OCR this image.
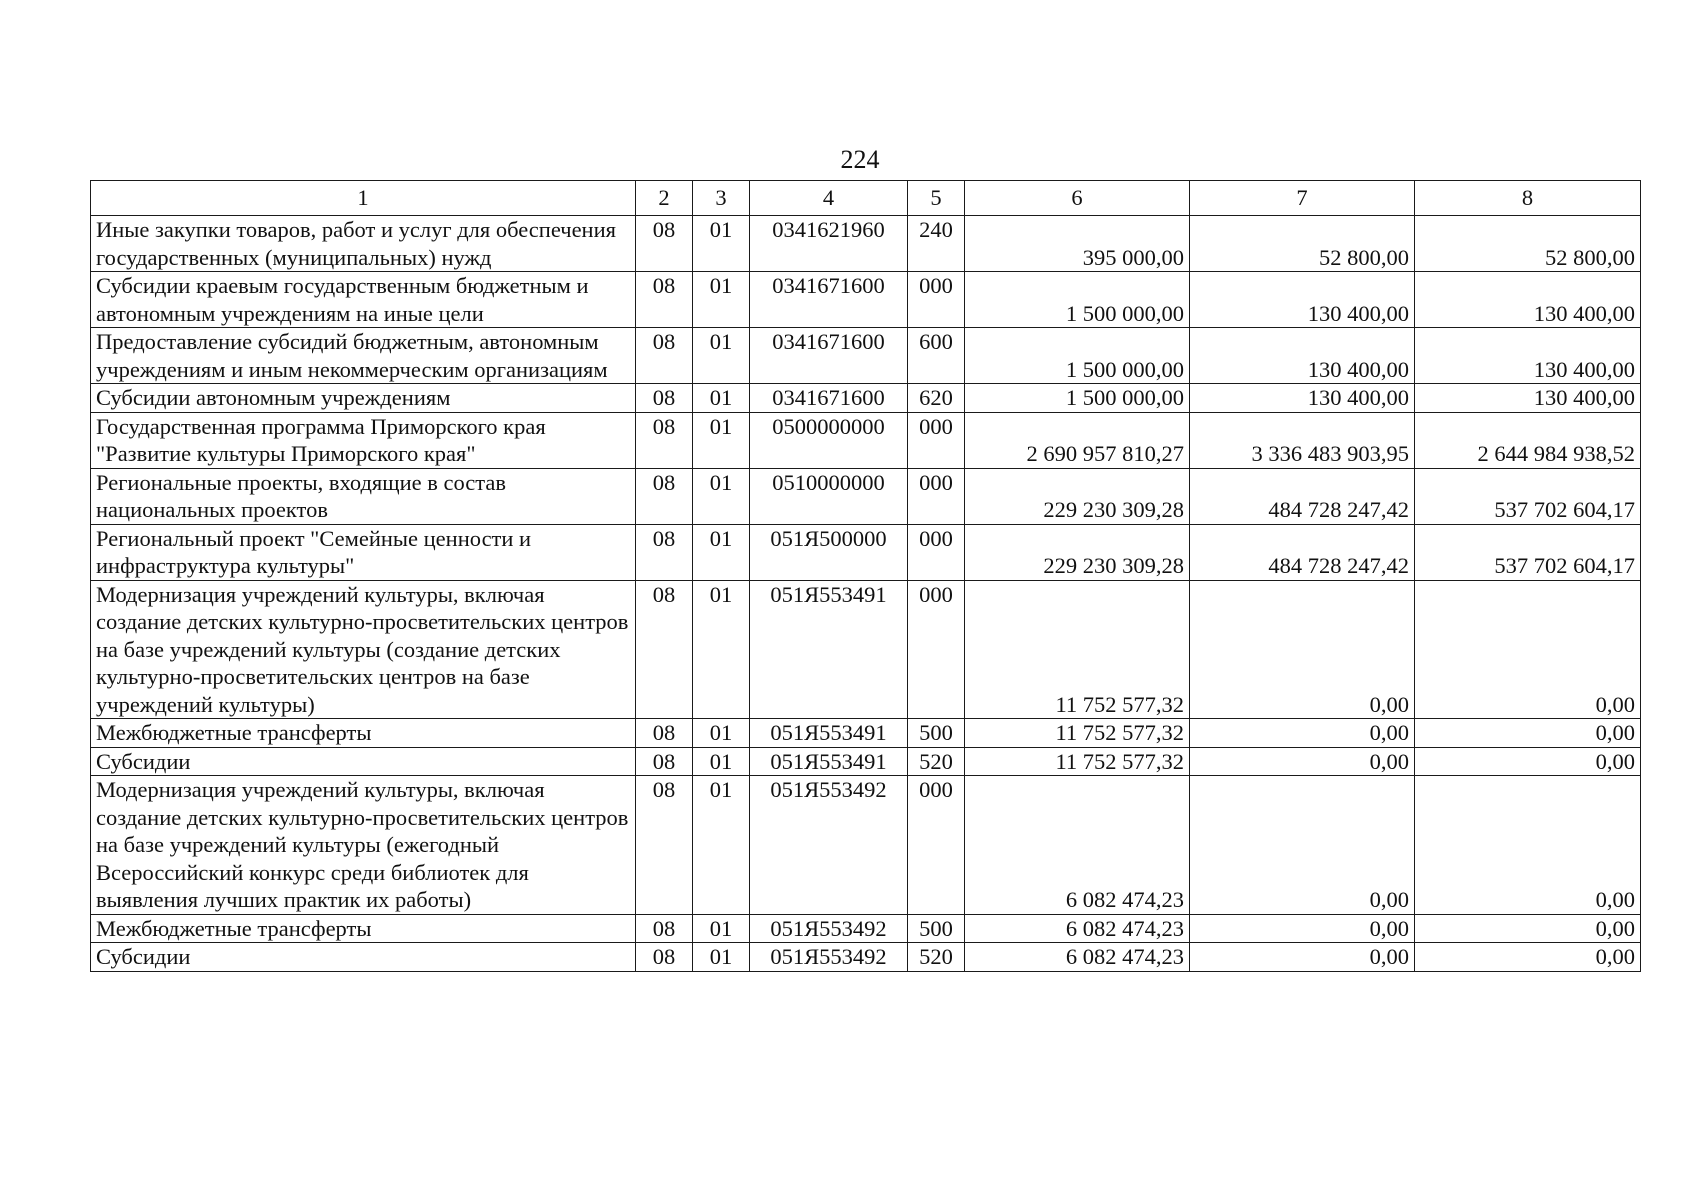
224
1	2	3	4	5	6	7	8
Иные закупки товаров, работ и услуг для обеспечения государственных (муниципальных) нужд	08	01	0341621960	240	395 000,00	52 800,00	52 800,00
Субсидии краевым государственным бюджетным и автономным учреждениям на иные цели	08	01	0341671600	000	1 500 000,00	130 400,00	130 400,00
Предоставление субсидий бюджетным, автономным учреждениям и иным некоммерческим организациям	08	01	0341671600	600	1 500 000,00	130 400,00	130 400,00
Субсидии автономным учреждениям	08	01	0341671600	620	1 500 000,00	130 400,00	130 400,00
Государственная программа Приморского края "Развитие культуры Приморского края"	08	01	0500000000	000	2 690 957 810,27	3 336 483 903,95	2 644 984 938,52
Региональные проекты, входящие в состав национальных проектов	08	01	0510000000	000	229 230 309,28	484 728 247,42	537 702 604,17
Региональный проект "Семейные ценности и инфраструктура культуры"	08	01	051Я500000	000	229 230 309,28	484 728 247,42	537 702 604,17
Модернизация учреждений культуры, включая создание детских культурно-просветительских центров на базе учреждений культуры (создание детских культурно-просветительских центров на базе учреждений культуры)	08	01	051Я553491	000	11 752 577,32	0,00	0,00
Межбюджетные трансферты	08	01	051Я553491	500	11 752 577,32	0,00	0,00
Субсидии	08	01	051Я553491	520	11 752 577,32	0,00	0,00
Модернизация учреждений культуры, включая создание детских культурно-просветительских центров на базе учреждений культуры (ежегодный Всероссийский конкурс среди библиотек для выявления лучших практик их работы)	08	01	051Я553492	000	6 082 474,23	0,00	0,00
Межбюджетные трансферты	08	01	051Я553492	500	6 082 474,23	0,00	0,00
Субсидии	08	01	051Я553492	520	6 082 474,23	0,00	0,00
